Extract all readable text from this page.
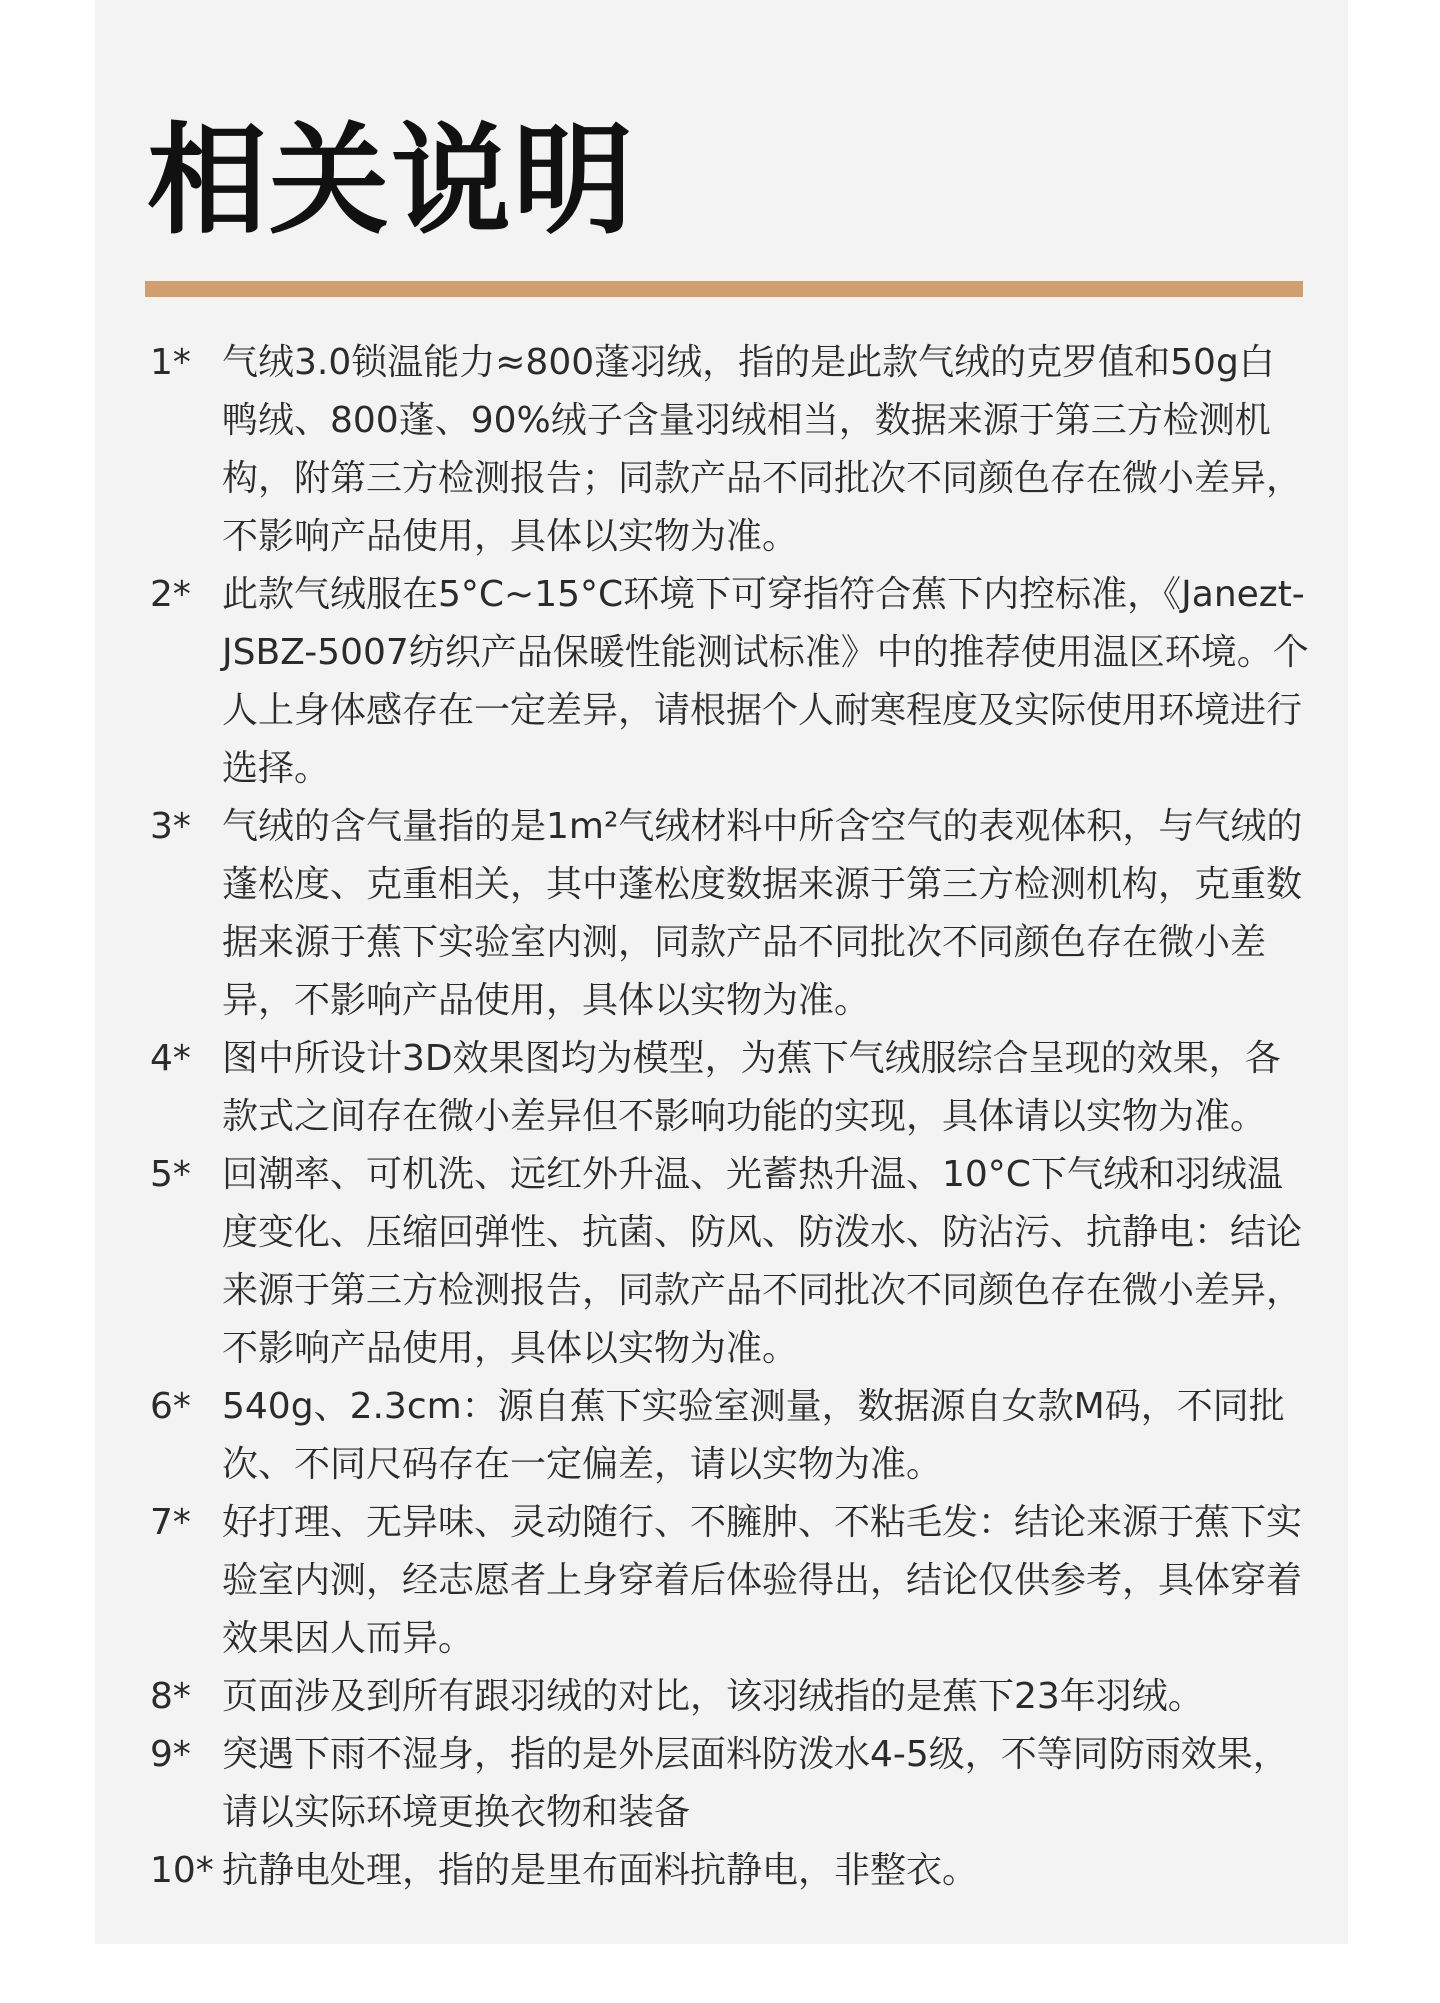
相关说明
1* 气绒3.0锁温能力≈800蓬羽绒，指的是此款气绒的克罗值和50g白鸭绒、800蓬、90%绒子含量羽绒相当，数据来源于第三方检测机构，附第三方检测报告；同款产品不同批次不同颜色存在微小差异，不影响产品使用，具体以实物为准。
2* 此款气绒服在5°C~15°C环境下可穿指符合蕉下内控标准，《Janezt-JSBZ-5007纺织产品保暖性能测试标准》中的推荐使用温区环境。个人上身体感存在一定差异，请根据个人耐寒程度及实际使用环境进行选择。
3* 气绒的含气量指的是1m²气绒材料中所含空气的表观体积，与气绒的蓬松度、克重相关，其中蓬松度数据来源于第三方检测机构，克重数据来源于蕉下实验室内测，同款产品不同批次不同颜色存在微小差异，不影响产品使用，具体以实物为准。
4* 图中所设计3D效果图均为模型，为蕉下气绒服综合呈现的效果，各款式之间存在微小差异但不影响功能的实现，具体请以实物为准。
5* 回潮率、可机洗、远红外升温、光蓄热升温、10°C下气绒和羽绒温度变化、压缩回弹性、抗菌、防风、防泼水、防沾污、抗静电：结论来源于第三方检测报告，同款产品不同批次不同颜色存在微小差异，不影响产品使用，具体以实物为准。
6* 540g、2.3cm：源自蕉下实验室测量，数据源自女款M码，不同批次、不同尺码存在一定偏差，请以实物为准。
7* 好打理、无异味、灵动随行、不臃肿、不粘毛发：结论来源于蕉下实验室内测，经志愿者上身穿着后体验得出，结论仅供参考，具体穿着效果因人而异。
8* 页面涉及到所有跟羽绒的对比，该羽绒指的是蕉下23年羽绒。
9* 突遇下雨不湿身，指的是外层面料防泼水4-5级，不等同防雨效果，请以实际环境更换衣物和装备
10* 抗静电处理，指的是里布面料抗静电，非整衣。
